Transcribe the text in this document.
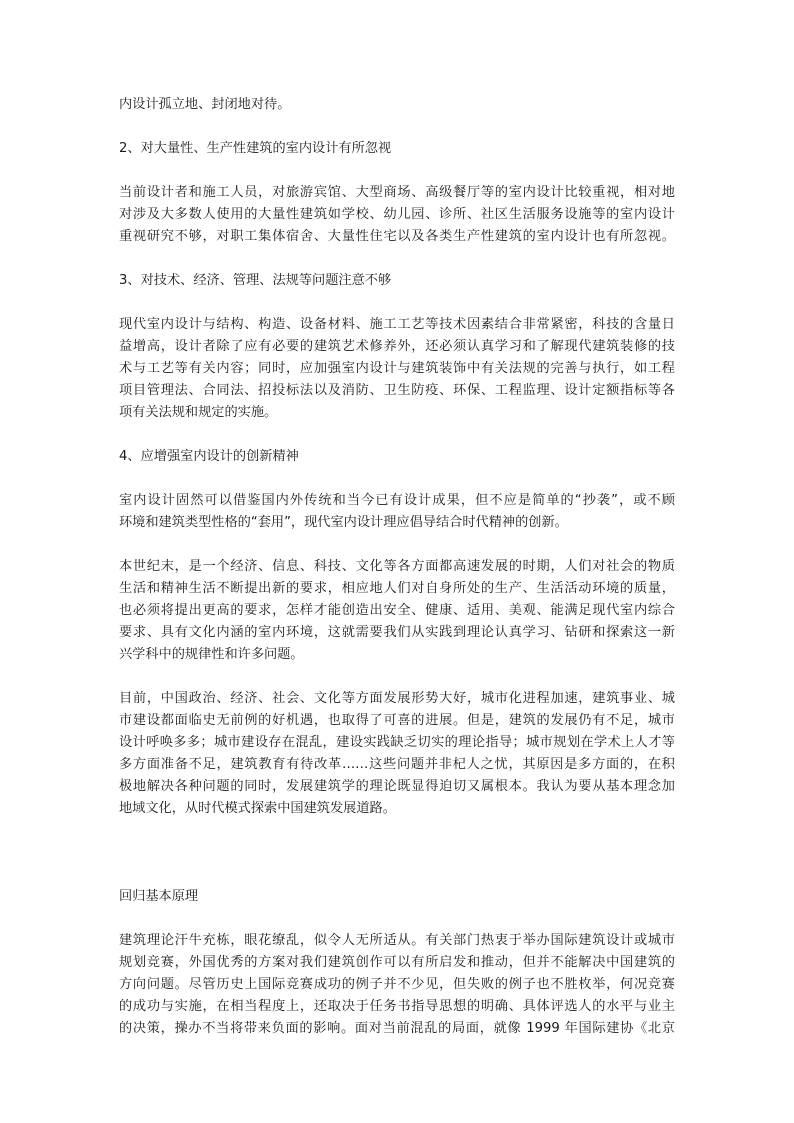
内设计孤立地、封闭地对待。
2、对大量性、生产性建筑的室内设计有所忽视
当前设计者和施工人员，对旅游宾馆、大型商场、高级餐厅等的室内设计比较重视，相对地
对涉及大多数人使用的大量性建筑如学校、幼儿园、诊所、社区生活服务设施等的室内设计
重视研究不够，对职工集体宿舍、大量性住宅以及各类生产性建筑的室内设计也有所忽视。
3、对技术、经济、管理、法规等问题注意不够
现代室内设计与结构、构造、设备材料、施工工艺等技术因素结合非常紧密，科技的含量日
益增高，设计者除了应有必要的建筑艺术修养外，还必须认真学习和了解现代建筑装修的技
术与工艺等有关内容；同时，应加强室内设计与建筑装饰中有关法规的完善与执行，如工程
项目管理法、合同法、招投标法以及消防、卫生防疫、环保、工程监理、设计定额指标等各
项有关法规和规定的实施。
4、应增强室内设计的创新精神
室内设计固然可以借鉴国内外传统和当今已有设计成果，但不应是简单的“抄袭”，或不顾
环境和建筑类型性格的“套用”，现代室内设计理应倡导结合时代精神的创新。
本世纪末，是一个经济、信息、科技、文化等各方面都高速发展的时期，人们对社会的物质
生活和精神生活不断提出新的要求，相应地人们对自身所处的生产、生活活动环境的质量，
也必须将提出更高的要求，怎样才能创造出安全、健康、适用、美观、能满足现代室内综合
要求、具有文化内涵的室内环境，这就需要我们从实践到理论认真学习、钻研和探索这一新
兴学科中的规律性和许多问题。
目前，中国政治、经济、社会、文化等方面发展形势大好，城市化进程加速，建筑事业、城
市建设都面临史无前例的好机遇，也取得了可喜的进展。但是，建筑的发展仍有不足，城市
设计呼唤多多；城市建设存在混乱，建设实践缺乏切实的理论指导；城市规划在学术上人才等
多方面准备不足，建筑教育有待改革……这些问题并非杞人之忧，其原因是多方面的，在积
极地解决各种问题的同时，发展建筑学的理论既显得迫切又属根本。我认为要从基本理念加
地域文化，从时代模式探索中国建筑发展道路。
回归基本原理
建筑理论汗牛充栋，眼花缭乱，似令人无所适从。有关部门热衷于举办国际建筑设计或城市
规划竞赛，外国优秀的方案对我们建筑创作可以有所启发和推动，但并不能解决中国建筑的
方向问题。尽管历史上国际竞赛成功的例子并不少见，但失败的例子也不胜枚举，何况竞赛
的成功与实施，在相当程度上，还取决于任务书指导思想的明确、具体评选人的水平与业主
的决策，操办不当将带来负面的影响。面对当前混乱的局面，就像 1999 年国际建协《北京
